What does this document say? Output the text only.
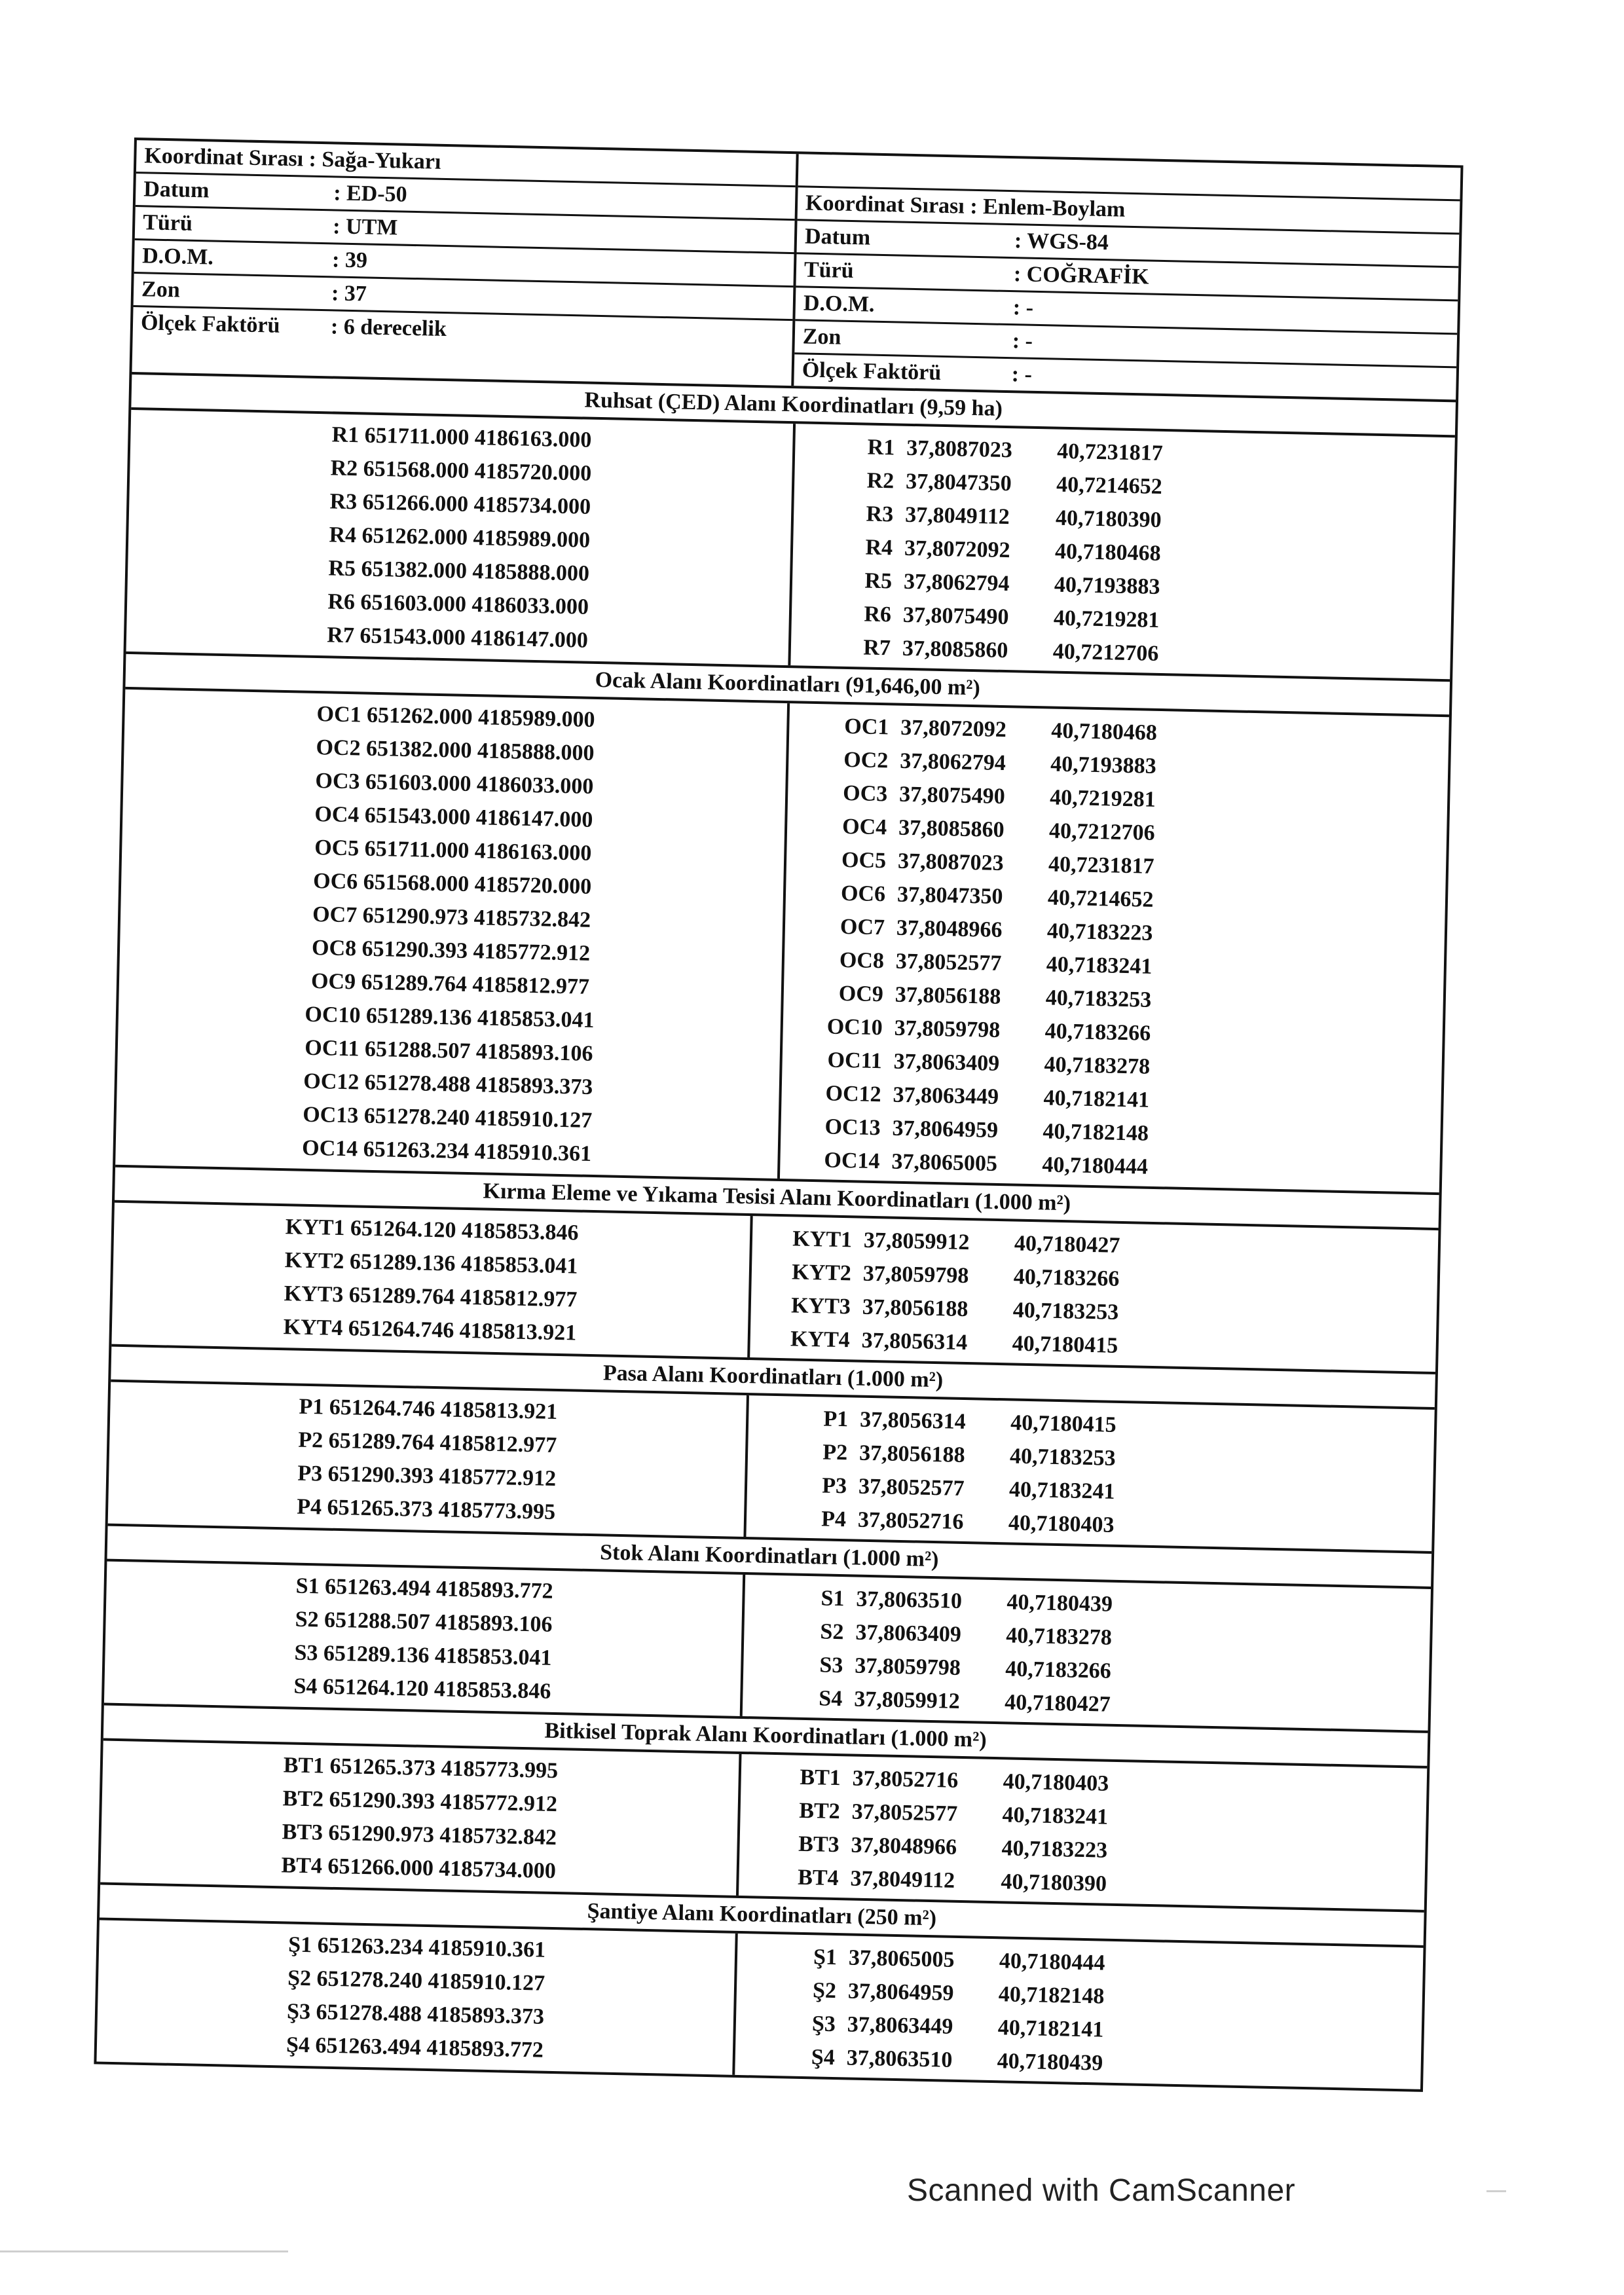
Koordinat Sırası : Sağa-Yukarı
Datum	: ED-50
Türü	: UTM
D.O.M.	: 39
Zon	: 37
Ölçek Faktörü	: 6 derecelik
Koordinat Sırası : Enlem-Boylam
Datum	: WGS-84
Türü	: COĞRAFİK
D.O.M.	: -
Zon	: -
Ölçek Faktörü	: -
Ruhsat (ÇED) Alanı Koordinatları (9,59 ha)
R1 651711.000 4186163.000
R2 651568.000 4185720.000
R3 651266.000 4185734.000
R4 651262.000 4185989.000
R5 651382.000 4185888.000
R6 651603.000 4186033.000
R7 651543.000 4186147.000
R1 37,8087023	40,7231817
R2 37,8047350	40,7214652
R3 37,8049112	40,7180390
R4 37,8072092	40,7180468
R5 37,8062794	40,7193883
R6 37,8075490	40,7219281
R7 37,8085860	40,7212706
Ocak Alanı Koordinatları (91,646,00 m²)
OC1 651262.000 4185989.000
OC2 651382.000 4185888.000
OC3 651603.000 4186033.000
OC4 651543.000 4186147.000
OC5 651711.000 4186163.000
OC6 651568.000 4185720.000
OC7 651290.973 4185732.842
OC8 651290.393 4185772.912
OC9 651289.764 4185812.977
OC10 651289.136 4185853.041
OC11 651288.507 4185893.106
OC12 651278.488 4185893.373
OC13 651278.240 4185910.127
OC14 651263.234 4185910.361
OC1 37,8072092	40,7180468
OC2 37,8062794	40,7193883
OC3 37,8075490	40,7219281
OC4 37,8085860	40,7212706
OC5 37,8087023	40,7231817
OC6 37,8047350	40,7214652
OC7 37,8048966	40,7183223
OC8 37,8052577	40,7183241
OC9 37,8056188	40,7183253
OC10 37,8059798	40,7183266
OC11 37,8063409	40,7183278
OC12 37,8063449	40,7182141
OC13 37,8064959	40,7182148
OC14 37,8065005	40,7180444
Kırma Eleme ve Yıkama Tesisi Alanı Koordinatları (1.000 m²)
KYT1 651264.120 4185853.846
KYT2 651289.136 4185853.041
KYT3 651289.764 4185812.977
KYT4 651264.746 4185813.921
KYT1 37,8059912	40,7180427
KYT2 37,8059798	40,7183266
KYT3 37,8056188	40,7183253
KYT4 37,8056314	40,7180415
Pasa Alanı Koordinatları (1.000 m²)
P1 651264.746 4185813.921
P2 651289.764 4185812.977
P3 651290.393 4185772.912
P4 651265.373 4185773.995
P1 37,8056314	40,7180415
P2 37,8056188	40,7183253
P3 37,8052577	40,7183241
P4 37,8052716	40,7180403
Stok Alanı Koordinatları (1.000 m²)
S1 651263.494 4185893.772
S2 651288.507 4185893.106
S3 651289.136 4185853.041
S4 651264.120 4185853.846
S1 37,8063510	40,7180439
S2 37,8063409	40,7183278
S3 37,8059798	40,7183266
S4 37,8059912	40,7180427
Bitkisel Toprak Alanı Koordinatları (1.000 m²)
BT1 651265.373 4185773.995
BT2 651290.393 4185772.912
BT3 651290.973 4185732.842
BT4 651266.000 4185734.000
BT1 37,8052716	40,7180403
BT2 37,8052577	40,7183241
BT3 37,8048966	40,7183223
BT4 37,8049112	40,7180390
Şantiye Alanı Koordinatları (250 m²)
Ş1 651263.234 4185910.361
Ş2 651278.240 4185910.127
Ş3 651278.488 4185893.373
Ş4 651263.494 4185893.772
Ş1 37,8065005	40,7180444
Ş2 37,8064959	40,7182148
Ş3 37,8063449	40,7182141
Ş4 37,8063510	40,7180439
Scanned with CamScanner
